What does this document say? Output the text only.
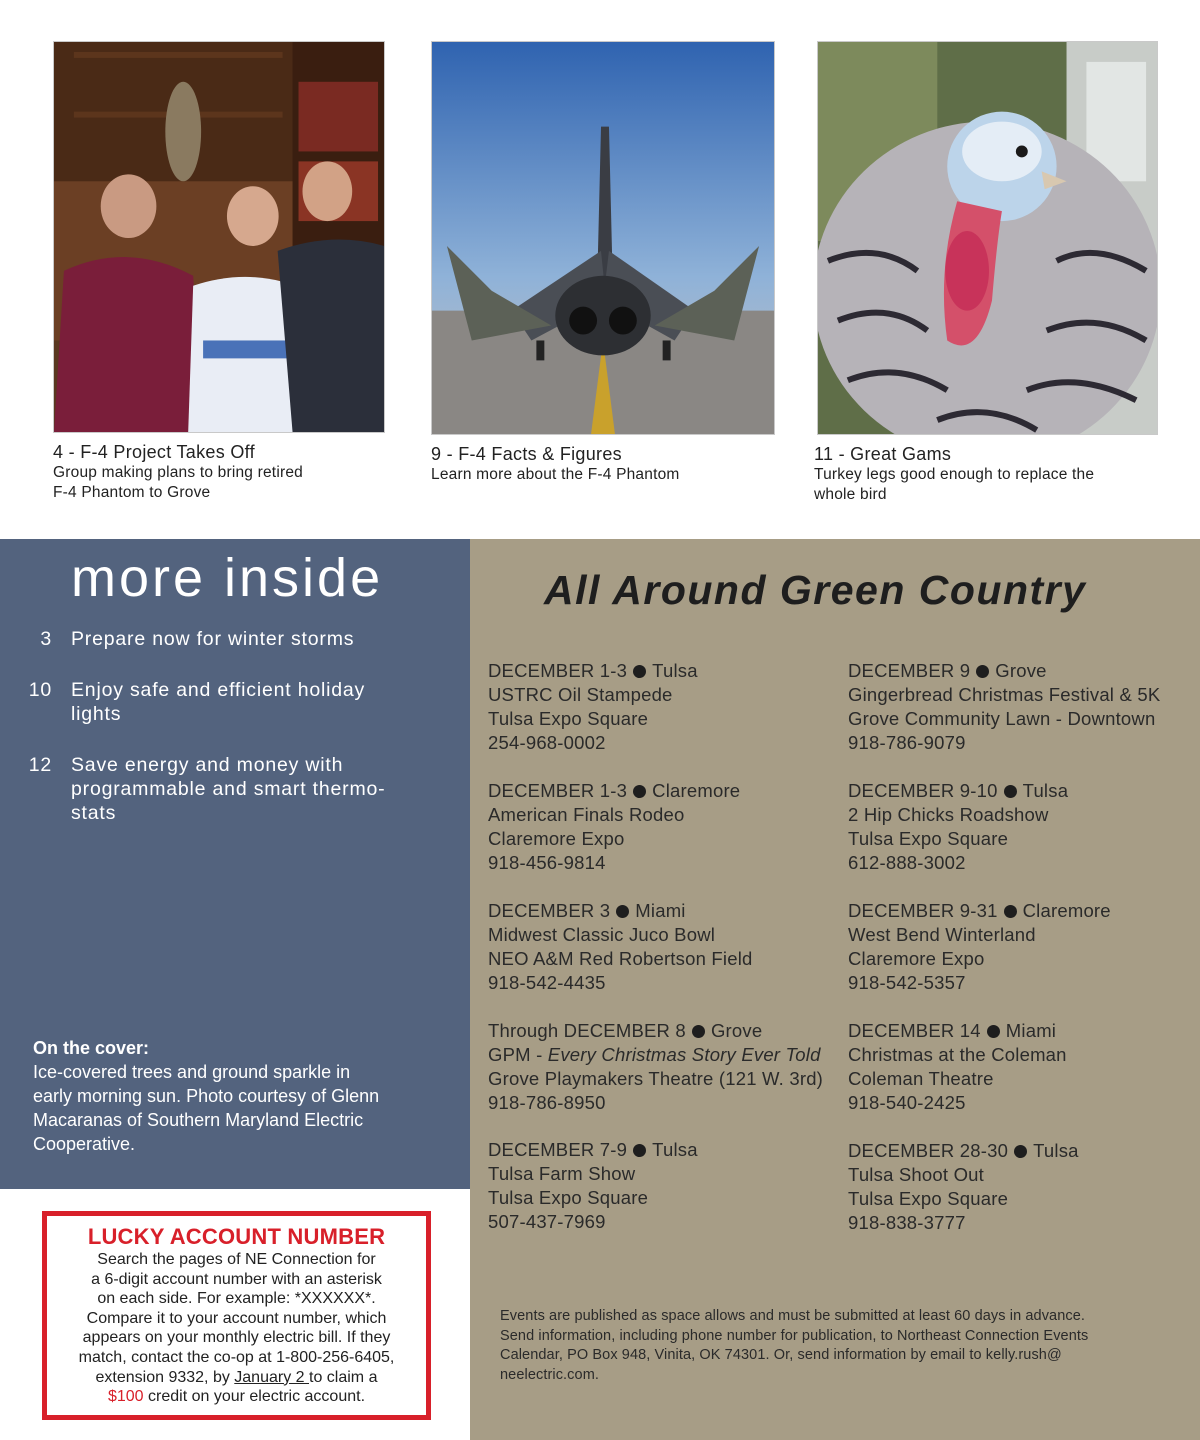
4 - F-4 Project Takes Off
Group making plans to bring retired
F-4 Phantom to Grove
9 - F-4 Facts & Figures
Learn more about the F-4 Phantom
11 - Great Gams
Turkey legs good enough to replace the
whole bird
more inside
3 Prepare now for winter storms
10 Enjoy safe and efficient holiday
lights
12 Save energy and money with
programmable and smart thermo-
stats
On the cover:
Ice-covered trees and ground sparkle in
early morning sun. Photo courtesy of Glenn
Macaranas of Southern Maryland Electric
Cooperative.
LUCKY ACCOUNT NUMBER
Search the pages of NE Connection for
a 6-digit account number with an asterisk
on each side. For example: *XXXXXX*.
Compare it to your account number, which
appears on your monthly electric bill. If they
match, contact the co-op at 1-800-256-6405,
extension 9332, by January 2 to claim a
$100 credit on your electric account.
All Around Green Country
Events are published as space allows and must be submitted at least 60 days in advance.
Send information, including phone number for publication, to Northeast Connection Events
Calendar, PO Box 948, Vinita, OK 74301. Or, send information by email to kelly.rush@
neelectric.com.
DECEMBER 1-3 Tulsa
USTRC Oil Stampede
Tulsa Expo Square
254-968-0002
DECEMBER 1-3 Claremore
American Finals Rodeo
Claremore Expo
918-456-9814
DECEMBER 3 Miami
Midwest Classic Juco Bowl
NEO A&M Red Robertson Field
918-542-4435
Through DECEMBER 8 Grove
GPM - Every Christmas Story Ever Told
Grove Playmakers Theatre (121 W. 3rd)
918-786-8950
DECEMBER 7-9 Tulsa
Tulsa Farm Show
Tulsa Expo Square
507-437-7969
DECEMBER 9 Grove
Gingerbread Christmas Festival & 5K
Grove Community Lawn - Downtown
918-786-9079
DECEMBER 9-10 Tulsa
2 Hip Chicks Roadshow
Tulsa Expo Square
612-888-3002
DECEMBER 9-31 Claremore
West Bend Winterland
Claremore Expo
918-542-5357
DECEMBER 14 Miami
Christmas at the Coleman
Coleman Theatre
918-540-2425
DECEMBER 28-30 Tulsa
Tulsa Shoot Out
Tulsa Expo Square
918-838-3777
